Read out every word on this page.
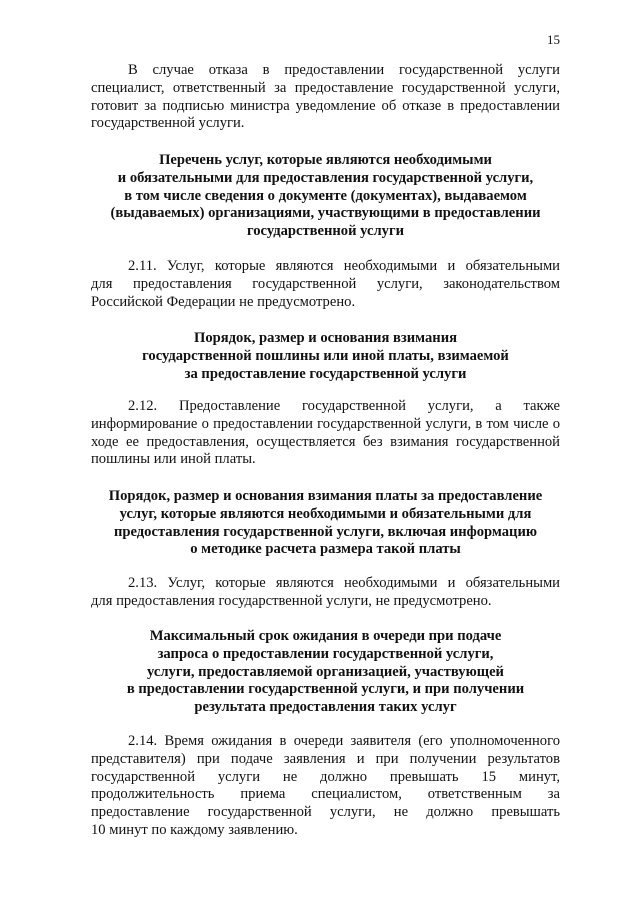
15
В случае отказа в предоставлении государственной услуги
специалист, ответственный за предоставление государственной услуги,
готовит за подписью министра уведомление об отказе в предоставлении
государственной услуги.
Перечень услуг, которые являются необходимыми
и обязательными для предоставления государственной услуги,
в том числе сведения о документе (документах), выдаваемом
(выдаваемых) организациями, участвующими в предоставлении
государственной услуги
2.11. Услуг, которые являются необходимыми и обязательными
для предоставления государственной услуги, законодательством
Российской Федерации не предусмотрено.
Порядок, размер и основания взимания
государственной пошлины или иной платы, взимаемой
за предоставление государственной услуги
2.12. Предоставление государственной услуги, а также
информирование о предоставлении государственной услуги, в том числе о
ходе ее предоставления, осуществляется без взимания государственной
пошлины или иной платы.
Порядок, размер и основания взимания платы за предоставление
услуг, которые являются необходимыми и обязательными для
предоставления государственной услуги, включая информацию
о методике расчета размера такой платы
2.13. Услуг, которые являются необходимыми и обязательными
для предоставления государственной услуги, не предусмотрено.
Максимальный срок ожидания в очереди при подаче
запроса о предоставлении государственной услуги,
услуги, предоставляемой организацией, участвующей
в предоставлении государственной услуги, и при получении
результата предоставления таких услуг
2.14. Время ожидания в очереди заявителя (его уполномоченного
представителя) при подаче заявления и при получении результатов
государственной услуги не должно превышать 15 минут,
продолжительность приема специалистом, ответственным за
предоставление государственной услуги, не должно превышать
10 минут по каждому заявлению.
